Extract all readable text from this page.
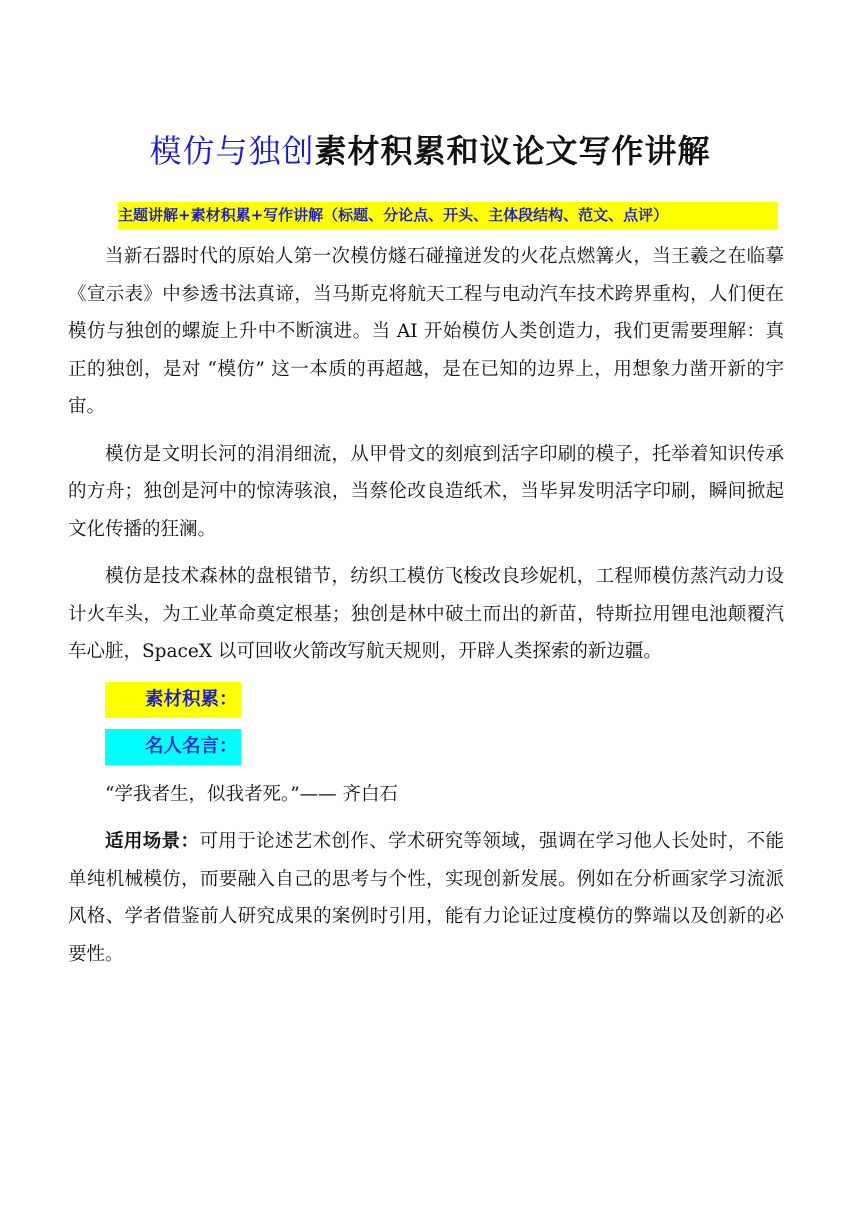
模仿与独创素材积累和议论文写作讲解
主题讲解+素材积累+写作讲解（标题、分论点、开头、主体段结构、范文、点评）

当新石器时代的原始人第一次模仿燧石碰撞迸发的火花点燃篝火，当王羲之在临摹《宣示表》中参透书法真谛，当马斯克将航天工程与电动汽车技术跨界重构，人们便在模仿与独创的螺旋上升中不断演进。当 AI 开始模仿人类创造力，我们更需要理解：真正的独创，是对 “模仿” 这一本质的再超越，是在已知的边界上，用想象力凿开新的宇宙。

模仿是文明长河的涓涓细流，从甲骨文的刻痕到活字印刷的模子，托举着知识传承的方舟；独创是河中的惊涛骇浪，当蔡伦改良造纸术，当毕昇发明活字印刷，瞬间掀起文化传播的狂澜。

模仿是技术森林的盘根错节，纺织工模仿飞梭改良珍妮机，工程师模仿蒸汽动力设计火车头，为工业革命奠定根基；独创是林中破土而出的新苗，特斯拉用锂电池颠覆汽车心脏，SpaceX 以可回收火箭改写航天规则，开辟人类探索的新边疆。

素材积累：

名人名言：

“学我者生，似我者死。”—— 齐白石

适用场景：可用于论述艺术创作、学术研究等领域，强调在学习他人长处时，不能单纯机械模仿，而要融入自己的思考与个性，实现创新发展。例如在分析画家学习流派风格、学者借鉴前人研究成果的案例时引用，能有力论证过度模仿的弊端以及创新的必要性。
